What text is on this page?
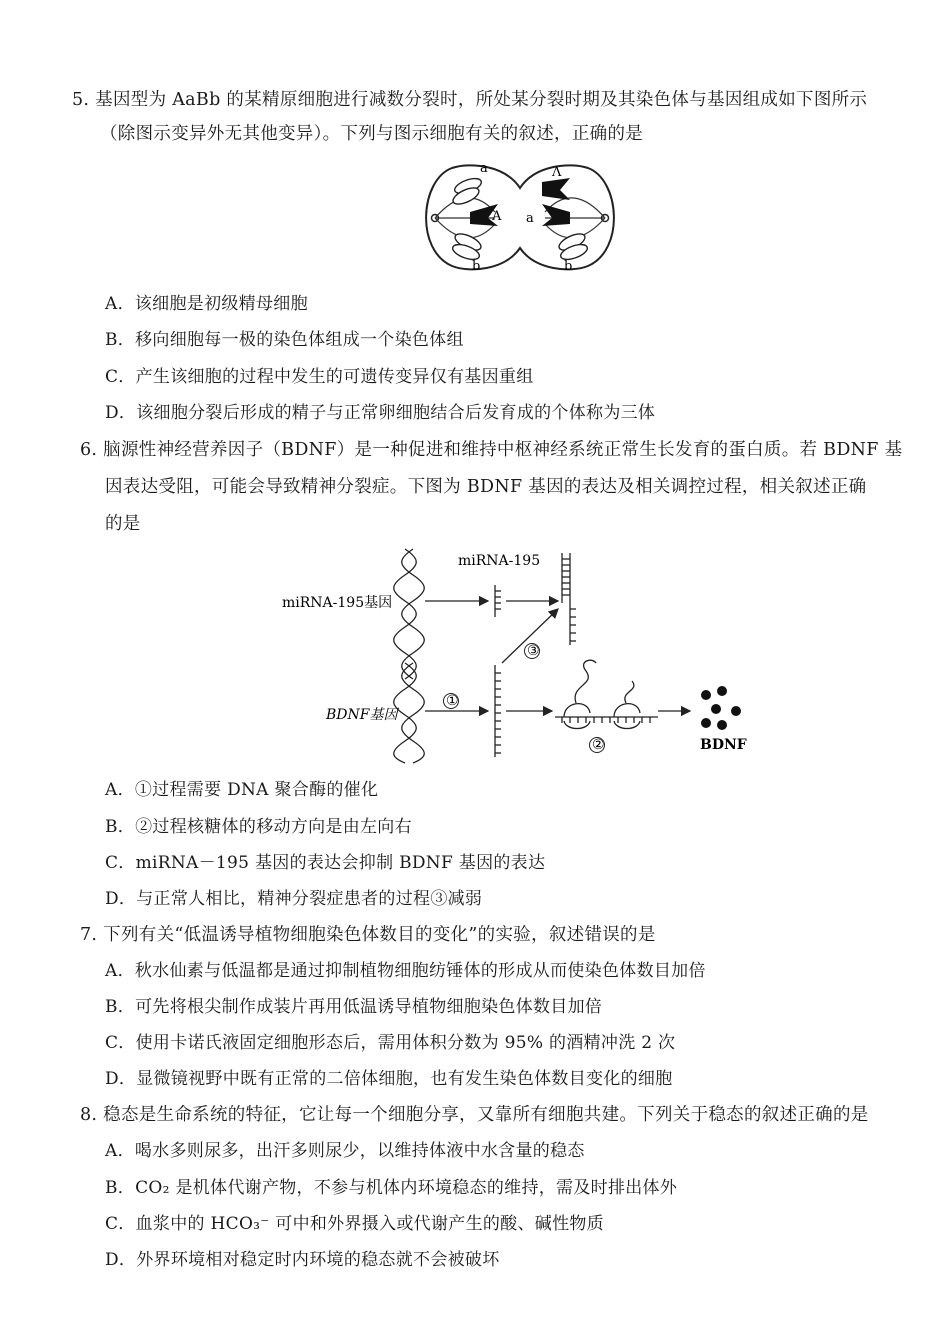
5. 基因型为 AaBb 的某精原细胞进行减数分裂时，所处某分裂时期及其染色体与基因组成如下图所示
（除图示变异外无其他变异）。下列与图示细胞有关的叙述，正确的是
a
A
Λ
a
b	b
A．该细胞是初级精母细胞
B．移向细胞每一极的染色体组成一个染色体组
C．产生该细胞的过程中发生的可遗传变异仅有基因重组
D．该细胞分裂后形成的精子与正常卵细胞结合后发育成的个体称为三体
6. 脑源性神经营养因子（BDNF）是一种促进和维持中枢神经系统正常生长发育的蛋白质。若 BDNF 基
因表达受阻，可能会导致精神分裂症。下图为 BDNF 基因的表达及相关调控过程，相关叙述正确
的是
miRNA-195基因
BDNF基因
miRNA-195
①
③
②	BDNF
A．①过程需要 DNA 聚合酶的催化
B．②过程核糖体的移动方向是由左向右
C．miRNA－195 基因的表达会抑制 BDNF 基因的表达
D．与正常人相比，精神分裂症患者的过程③减弱
7. 下列有关“低温诱导植物细胞染色体数目的变化”的实验，叙述错误的是
A．秋水仙素与低温都是通过抑制植物细胞纺锤体的形成从而使染色体数目加倍
B．可先将根尖制作成装片再用低温诱导植物细胞染色体数目加倍
C．使用卡诺氏液固定细胞形态后，需用体积分数为 95% 的酒精冲洗 2 次
D．显微镜视野中既有正常的二倍体细胞，也有发生染色体数目变化的细胞
8. 稳态是生命系统的特征，它让每一个细胞分享，又靠所有细胞共建。下列关于稳态的叙述正确的是
A．喝水多则尿多，出汗多则尿少，以维持体液中水含量的稳态
B．CO₂ 是机体代谢产物，不参与机体内环境稳态的维持，需及时排出体外
C．血浆中的 HCO₃⁻ 可中和外界摄入或代谢产生的酸、碱性物质
D．外界环境相对稳定时内环境的稳态就不会被破坏
